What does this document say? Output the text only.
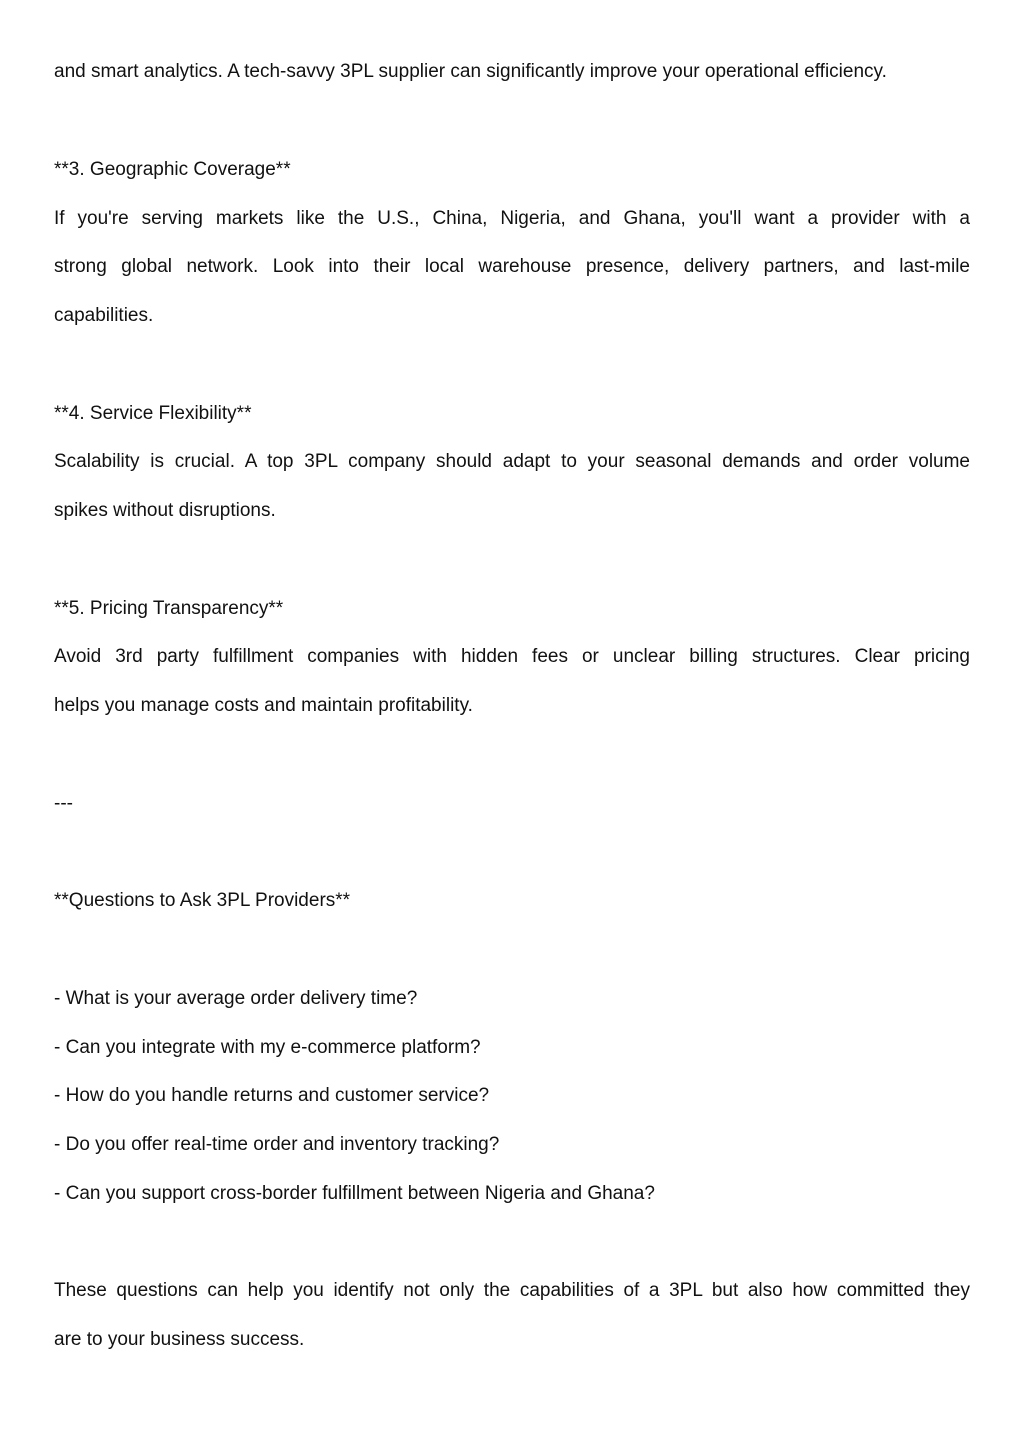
and smart analytics. A tech-savvy 3PL supplier can significantly improve your operational efficiency.

**3. Geographic Coverage**

If you're serving markets like the U.S., China, Nigeria, and Ghana, you'll want a provider with a

strong global network. Look into their local warehouse presence, delivery partners, and last-mile

capabilities.

**4. Service Flexibility**

Scalability is crucial. A top 3PL company should adapt to your seasonal demands and order volume

spikes without disruptions.

**5. Pricing Transparency**

Avoid 3rd party fulfillment companies with hidden fees or unclear billing structures. Clear pricing

helps you manage costs and maintain profitability.

---

**Questions to Ask 3PL Providers**

- What is your average order delivery time?

- Can you integrate with my e-commerce platform?

- How do you handle returns and customer service?

- Do you offer real-time order and inventory tracking?

- Can you support cross-border fulfillment between Nigeria and Ghana?

These questions can help you identify not only the capabilities of a 3PL but also how committed they

are to your business success.
